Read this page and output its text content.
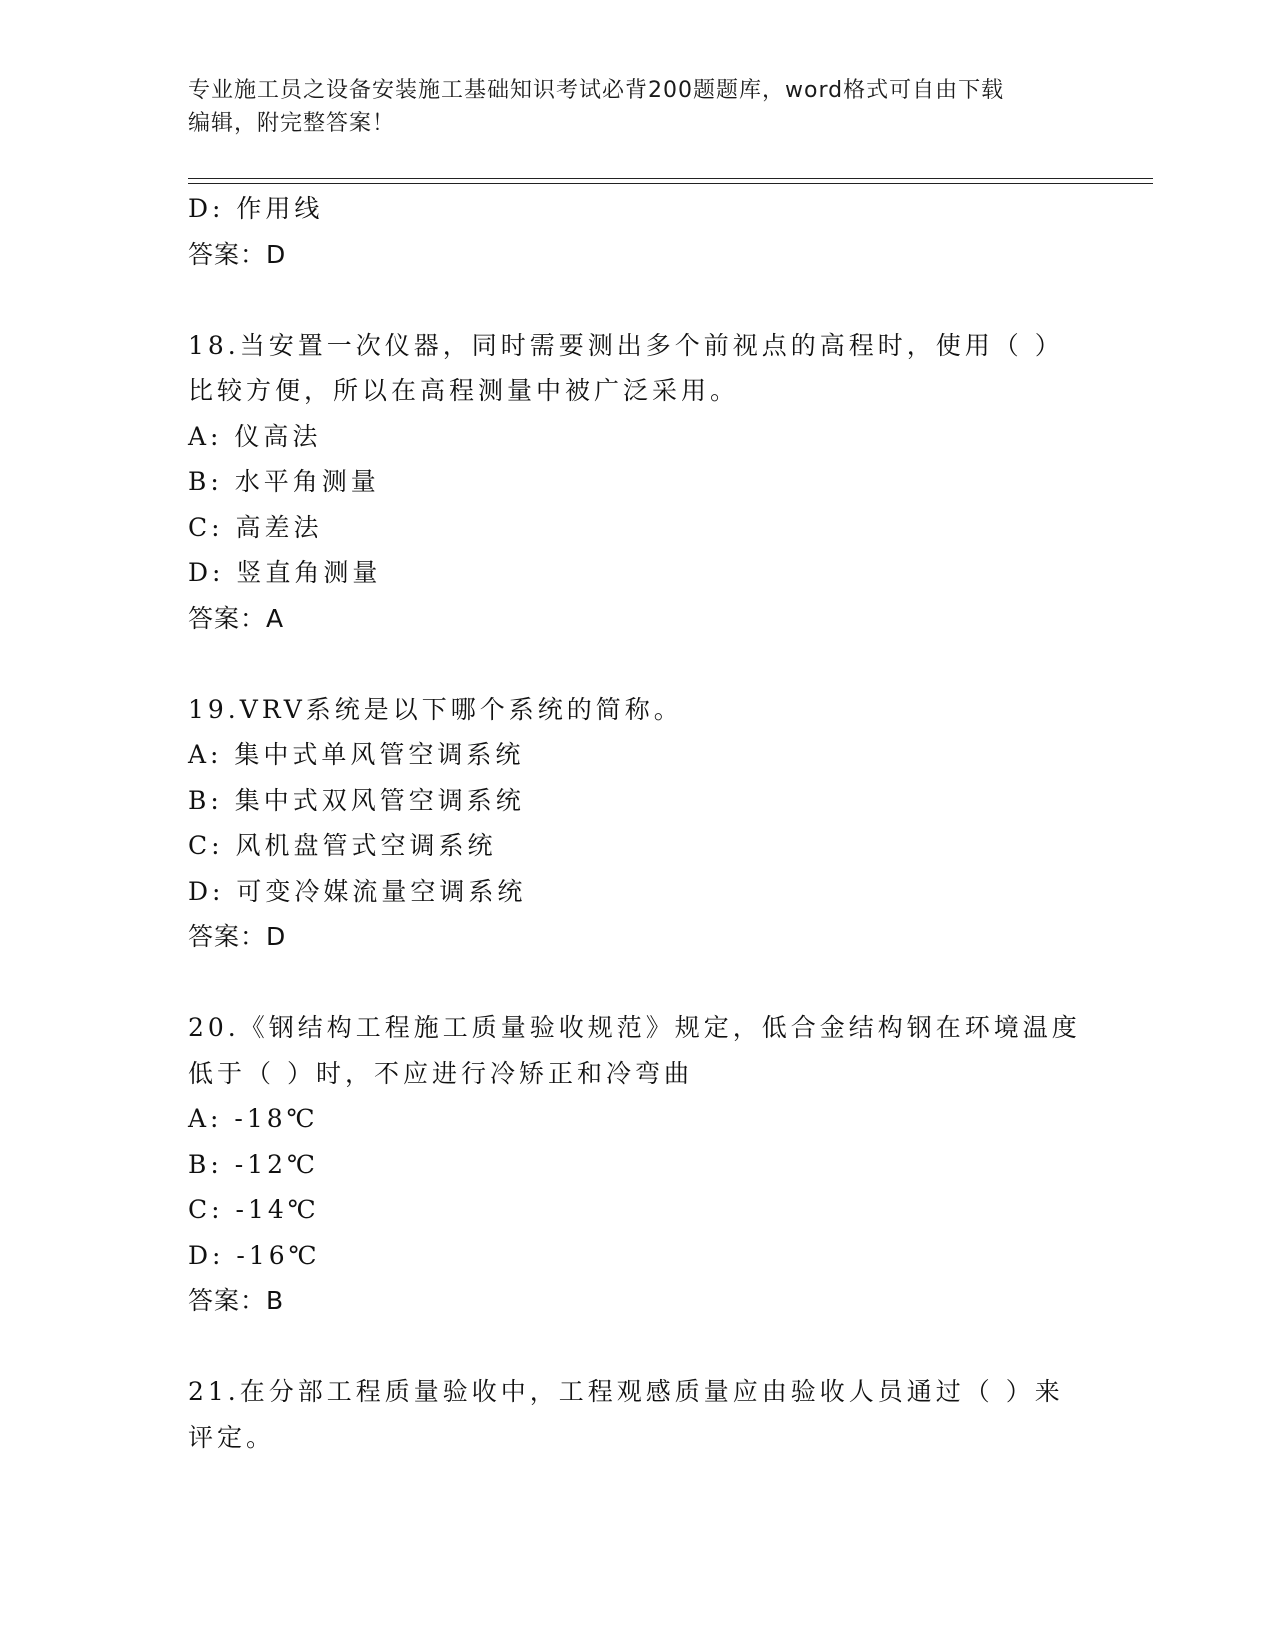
专业施工员之设备安装施工基础知识考试必背200题题库，word格式可自由下载
编辑，附完整答案！
D: 作用线
答案：D
18.当安置一次仪器，同时需要测出多个前视点的高程时，使用（ ）
比较方便，所以在高程测量中被广泛采用。
A: 仪高法
B: 水平角测量
C: 高差法
D: 竖直角测量
答案：A
19.VRV系统是以下哪个系统的简称。
A: 集中式单风管空调系统
B: 集中式双风管空调系统
C: 风机盘管式空调系统
D: 可变冷媒流量空调系统
答案：D
20.《钢结构工程施工质量验收规范》规定，低合金结构钢在环境温度
低于（ ）时，不应进行冷矫正和冷弯曲
A: -18℃
B: -12℃
C: -14℃
D: -16℃
答案：B
21.在分部工程质量验收中，工程观感质量应由验收人员通过（ ）来
评定。
